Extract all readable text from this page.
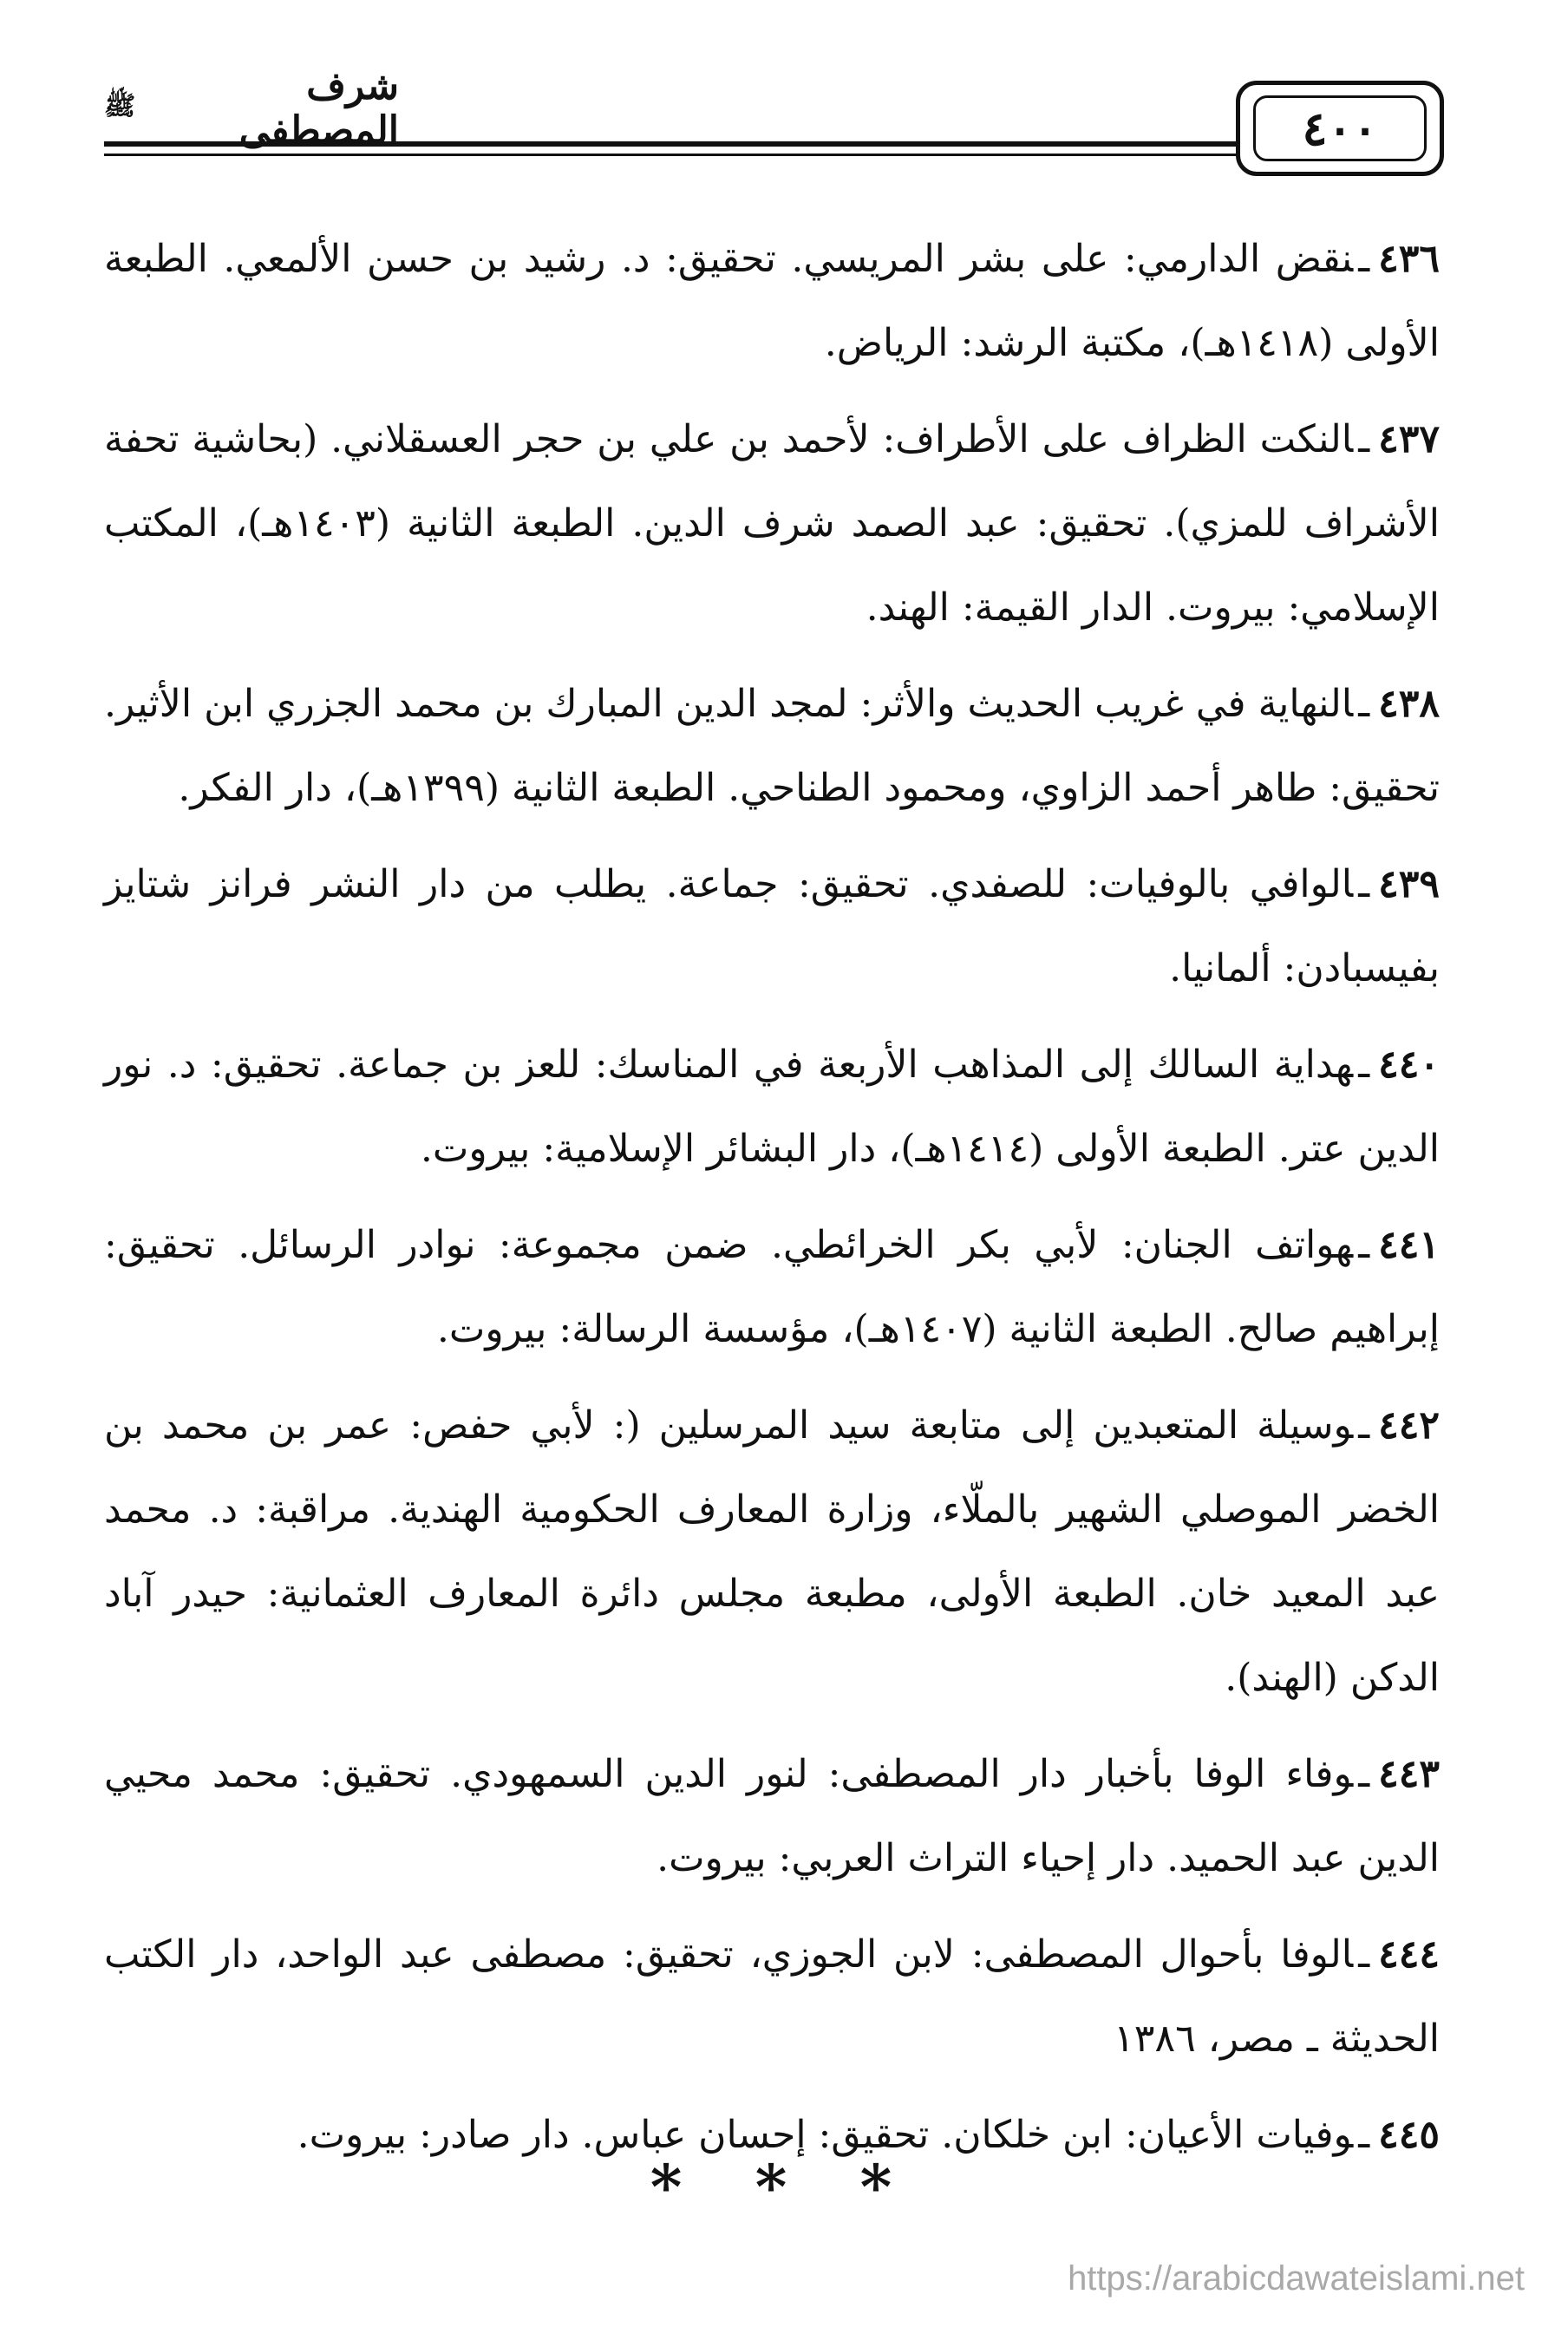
شرف المصطفى
ﷺ	٤٠٠

٤٣٦ـنقض الدارمي: على بشر المريسي. تحقيق: د. رشيد بن حسن الألمعي. الطبعة الأولى (١٤١٨هـ)، مكتبة الرشد: الرياض.

٤٣٧ـالنكت الظراف على الأطراف: لأحمد بن علي بن حجر العسقلاني. (بحاشية تحفة الأشراف للمزي). تحقيق: عبد الصمد شرف الدين. الطبعة الثانية (١٤٠٣هـ)، المكتب الإسلامي: بيروت. الدار القيمة: الهند.

٤٣٨ـالنهاية في غريب الحديث والأثر: لمجد الدين المبارك بن محمد الجزري ابن الأثير. تحقيق: طاهر أحمد الزاوي، ومحمود الطناحي. الطبعة الثانية (١٣٩٩هـ)، دار الفكر.

٤٣٩ـالوافي بالوفيات: للصفدي. تحقيق: جماعة. يطلب من دار النشر فرانز شتايز بفيسبادن: ألمانيا.

٤٤٠ـهداية السالك إلى المذاهب الأربعة في المناسك: للعز بن جماعة. تحقيق: د. نور الدين عتر. الطبعة الأولى (١٤١٤هـ)، دار البشائر الإسلامية: بيروت.

٤٤١ـهواتف الجنان: لأبي بكر الخرائطي. ضمن مجموعة: نوادر الرسائل. تحقيق: إبراهيم صالح. الطبعة الثانية (١٤٠٧هـ)، مؤسسة الرسالة: بيروت.

٤٤٢ـوسيلة المتعبدين إلى متابعة سيد المرسلين (: لأبي حفص: عمر بن محمد بن الخضر الموصلي الشهير بالملّاء، وزارة المعارف الحكومية الهندية. مراقبة: د. محمد عبد المعيد خان. الطبعة الأولى، مطبعة مجلس دائرة المعارف العثمانية: حيدر آباد الدكن (الهند).

٤٤٣ـوفاء الوفا بأخبار دار المصطفى: لنور الدين السمهودي. تحقيق: محمد محيي الدين عبد الحميد. دار إحياء التراث العربي: بيروت.

٤٤٤ـالوفا بأحوال المصطفى: لابن الجوزي، تحقيق: مصطفى عبد الواحد، دار الكتب الحديثة ـ مصر، ١٣٨٦

٤٤٥ـوفيات الأعيان: ابن خلكان. تحقيق: إحسان عباس. دار صادر: بيروت.

* * *
https://arabicdawateislami.net
